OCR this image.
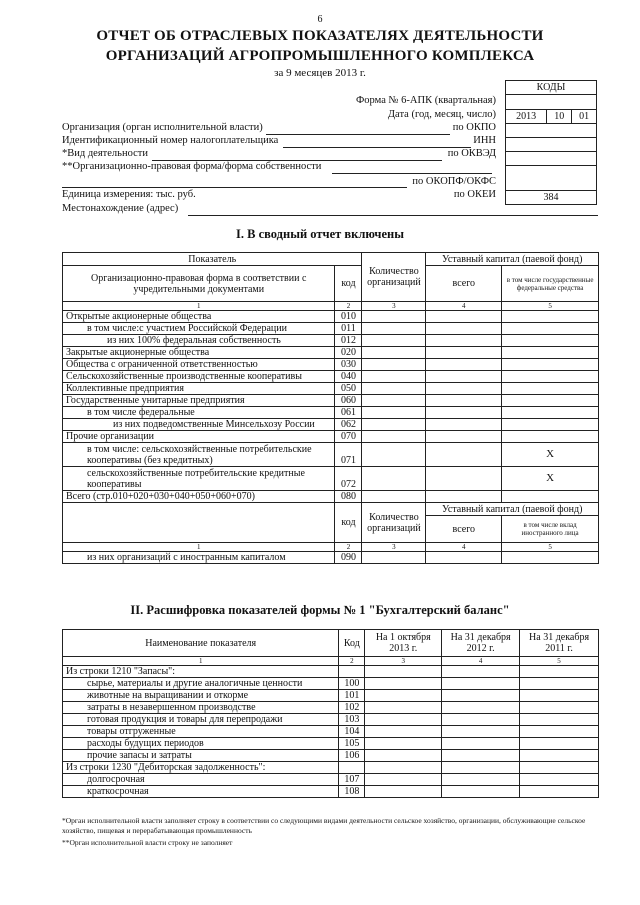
6
ОТЧЕТ ОБ ОТРАСЛЕВЫХ ПОКАЗАТЕЛЯХ ДЕЯТЕЛЬНОСТИ
ОРГАНИЗАЦИЙ АГРОПРОМЫШЛЕННОГО КОМПЛЕКСА
за 9 месяцев 2013 г.
КОДЫ

2013	10	01

384
Форма № 6-АПК (квартальная)
Дата (год, месяц, число)
Организация (орган исполнительной власти)	по ОКПО
Идентификационный номер налогоплательщика	ИНН
*Вид деятельности	по ОКВЭД
**Организационно-правовая форма/форма собственности
по ОКОПФ/ОКФС
Единица измерения: тыс. руб.	по ОКЕИ
Местонахождение (адрес)
I. В сводный отчет включены
Показатель		Количество организаций	Уставный капитал (паевой фонд)	
Организационно-правовая форма в соответствии с учредительными документами	код		всего	в том числе государственные федеральные средства
1	2	3	4	5
Открытые акционерные общества	010			
в том числе:с участием Российской Федерации	011			
из них 100% федеральная собственность	012			
Закрытые акционерные общества	020			
Общества с ограниченной ответственностью	030			
Сельскохозяйственные производственные кооперативы	040			
Коллективные предприятия	050			
Государственные унитарные предприятия	060			
в том числе федеральные	061			
из них подведомственные Минсельхозу России	062			
Прочие организации	070			
в том числе: сельскохозяйственные потребительские кооперативы (без кредитных)	071			X
сельскохозяйственные потребительские кредитные кооперативы	072			X
Всего (стр.010+020+030+040+050+060+070)	080			
	код	Количество организаций	Уставный капитал (паевой фонд)	
			всего	в том числе вклад иностранного лица
1	2	3	4	5
из них организаций с иностранным капиталом	090			
II. Расшифровка показателей формы № 1 "Бухгалтерский баланс"
Наименование показателя	Код	На 1 октября 2013 г.	На 31 декабря 2012 г.	На 31 декабря 2011 г.
1	2	3	4	5
Из строки 1210 "Запасы":				
сырье, материалы и другие аналогичные ценности	100			
животные на выращивании и откорме	101			
затраты в незавершенном производстве	102			
готовая продукция и товары для перепродажи	103			
товары отгруженные	104			
расходы будущих периодов	105			
прочие запасы и затраты	106			
Из строки 1230 "Дебиторская задолженность":				
долгосрочная	107			
краткосрочная	108			
*Орган исполнительной власти заполняет строку в соответствии со следующими видами деятельности сельское хозяйство, организации, обслуживающие сельское хозяйство, пищевая и перерабатывающая промышленность
**Орган исполнительной власти строку не заполняет
